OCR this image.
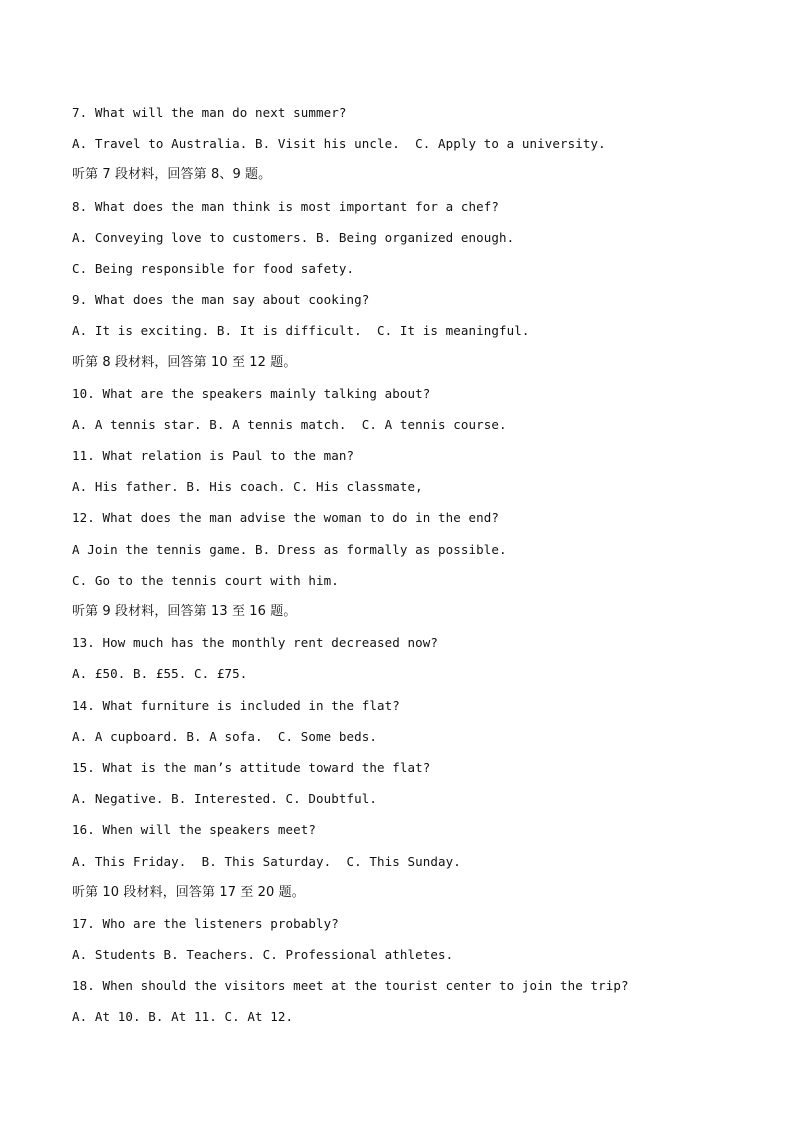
7. What will the man do next summer?
A. Travel to Australia. B. Visit his uncle.  C. Apply to a university.
听第 7 段材料，回答第 8、9 题。
8. What does the man think is most important for a chef?
A. Conveying love to customers. B. Being organized enough.
C. Being responsible for food safety.
9. What does the man say about cooking?
A. It is exciting. B. It is difficult.  C. It is meaningful.
听第 8 段材料，回答第 10 至 12 题。
10. What are the speakers mainly talking about?
A. A tennis star. B. A tennis match.  C. A tennis course.
11. What relation is Paul to the man?
A. His father. B. His coach. C. His classmate,
12. What does the man advise the woman to do in the end?
A Join the tennis game. B. Dress as formally as possible.
C. Go to the tennis court with him.
听第 9 段材料，回答第 13 至 16 题。
13. How much has the monthly rent decreased now?
A. £50. B. £55. C. £75.
14. What furniture is included in the flat?
A. A cupboard. B. A sofa.  C. Some beds.
15. What is the man’s attitude toward the flat?
A. Negative. B. Interested. C. Doubtful.
16. When will the speakers meet?
A. This Friday.  B. This Saturday.  C. This Sunday.
听第 10 段材料，回答第 17 至 20 题。
17. Who are the listeners probably?
A. Students B. Teachers. C. Professional athletes.
18. When should the visitors meet at the tourist center to join the trip?
A. At 10. B. At 11. C. At 12.
